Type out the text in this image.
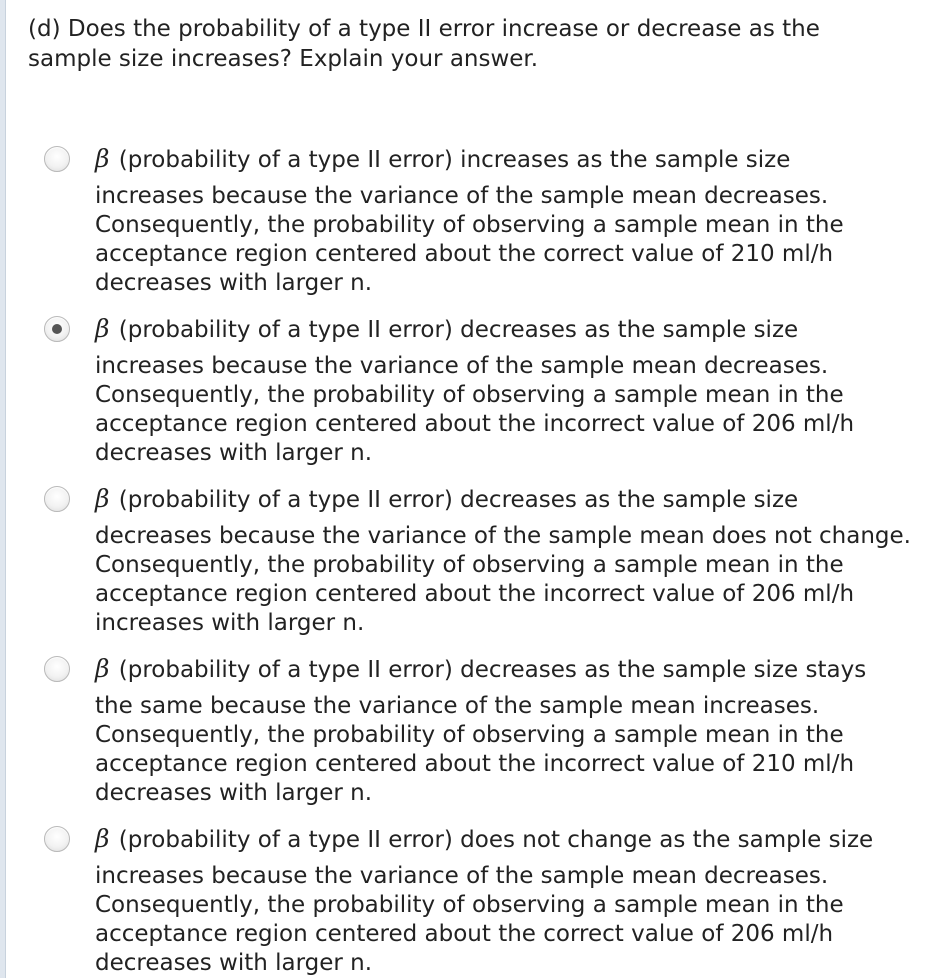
(d) Does the probability of a type II error increase or decrease as the
sample size increases? Explain your answer.
β (probability of a type II error) increases as the sample size
increases because the variance of the sample mean decreases.
Consequently, the probability of observing a sample mean in the
acceptance region centered about the correct value of 210 ml/h
decreases with larger n.
β (probability of a type II error) decreases as the sample size
increases because the variance of the sample mean decreases.
Consequently, the probability of observing a sample mean in the
acceptance region centered about the incorrect value of 206 ml/h
decreases with larger n.
β (probability of a type II error) decreases as the sample size
decreases because the variance of the sample mean does not change.
Consequently, the probability of observing a sample mean in the
acceptance region centered about the incorrect value of 206 ml/h
increases with larger n.
β (probability of a type II error) decreases as the sample size stays
the same because the variance of the sample mean increases.
Consequently, the probability of observing a sample mean in the
acceptance region centered about the incorrect value of 210 ml/h
decreases with larger n.
β (probability of a type II error) does not change as the sample size
increases because the variance of the sample mean decreases.
Consequently, the probability of observing a sample mean in the
acceptance region centered about the correct value of 206 ml/h
decreases with larger n.
